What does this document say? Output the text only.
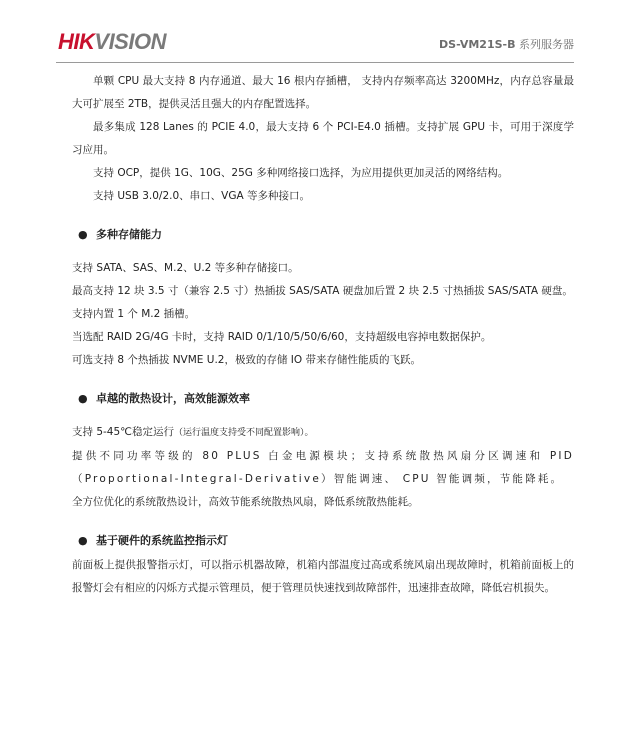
HIKVISION	DS-VM21S-B 系列服务器

单颗 CPU 最大支持 8 内存通道、最大 16 根内存插槽， 支持内存频率高达 3200MHz，内存总容量最大可扩展至 2TB，提供灵活且强大的内存配置选择。

最多集成 128 Lanes 的 PCIE 4.0，最大支持 6 个 PCI-E4.0 插槽。支持扩展 GPU 卡，可用于深度学习应用。

支持 OCP，提供 1G、10G、25G 多种网络接口选择，为应用提供更加灵活的网络结构。

支持 USB 3.0/2.0、串口、VGA 等多种接口。

● 多种存储能力

支持 SATA、SAS、M.2、U.2 等多种存储接口。

最高支持 12 块 3.5 寸（兼容 2.5 寸）热插拔 SAS/SATA 硬盘加后置 2 块 2.5 寸热插拔 SAS/SATA 硬盘。

支持内置 1 个 M.2 插槽。

当选配 RAID 2G/4G 卡时，支持 RAID 0/1/10/5/50/6/60，支持超级电容掉电数据保护。

可选支持 8 个热插拔 NVME U.2，极致的存储 IO 带来存储性能质的飞跃。

● 卓越的散热设计，高效能源效率

支持 5-45℃稳定运行（运行温度支持受不同配置影响）。

提供不同功率等级的 80 PLUS 白金电源模块；支持系统散热风扇分区调速和 PID（Proportional-Integral-Derivative）智能调速、 CPU 智能调频，节能降耗。

全方位优化的系统散热设计，高效节能系统散热风扇，降低系统散热能耗。

● 基于硬件的系统监控指示灯

前面板上提供报警指示灯，可以指示机器故障，机箱内部温度过高或系统风扇出现故障时，机箱前面板上的报警灯会有相应的闪烁方式提示管理员，便于管理员快速找到故障部件，迅速排查故障，降低宕机损失。
